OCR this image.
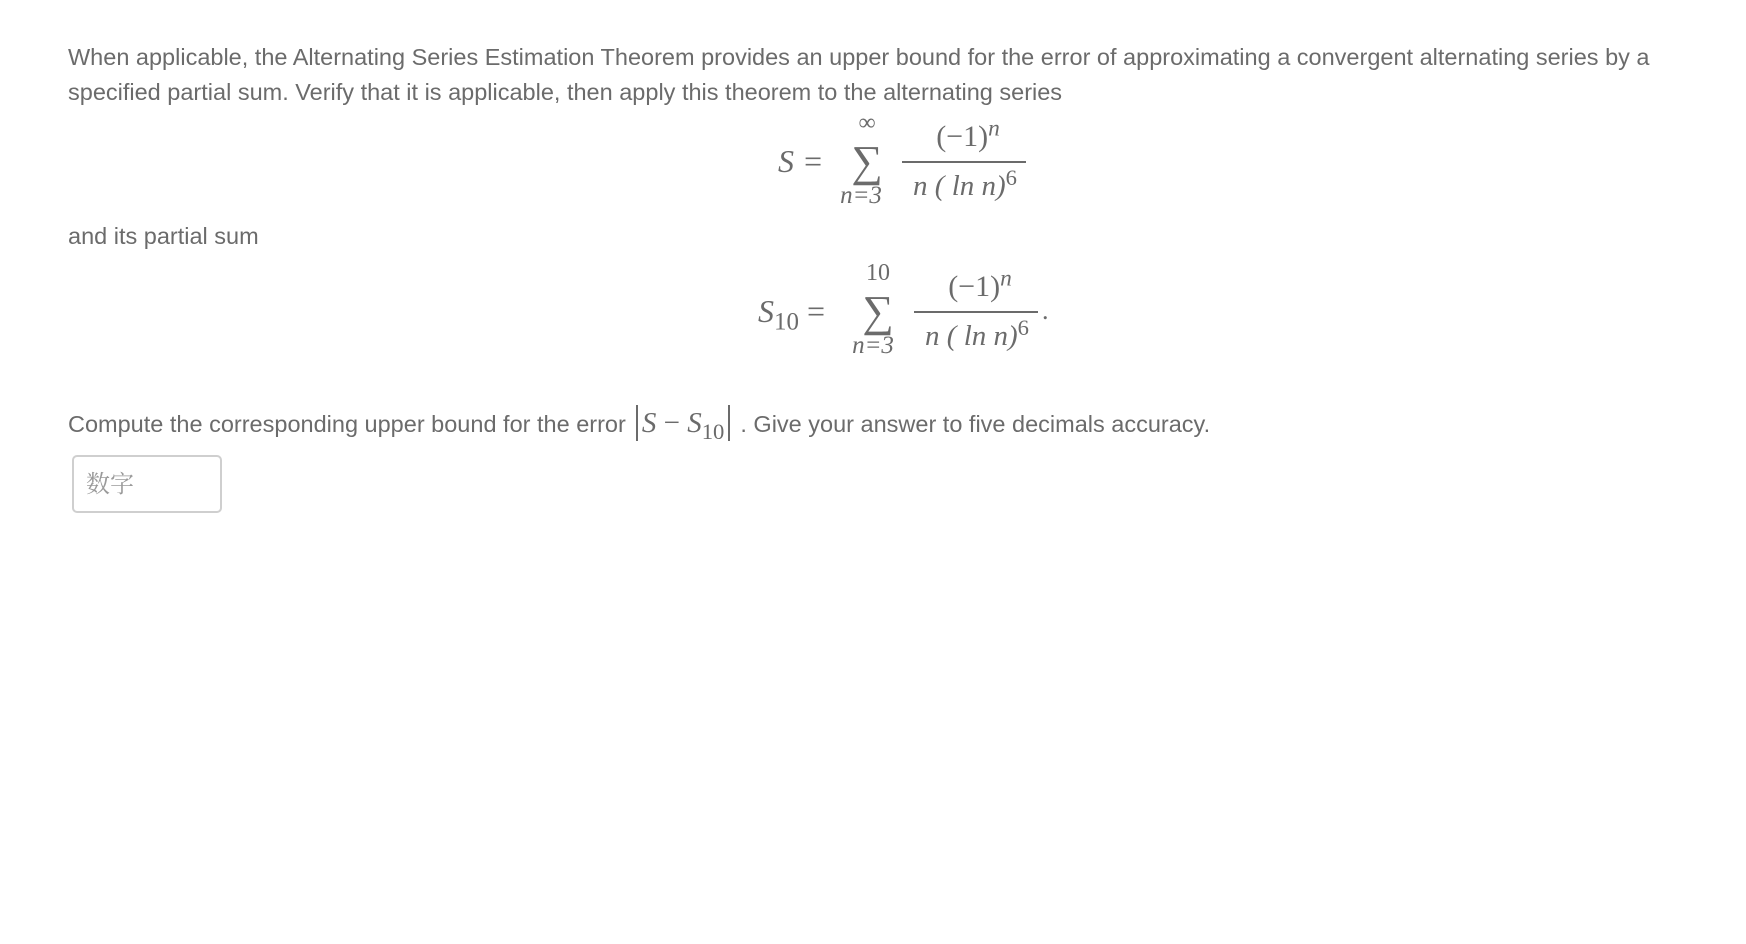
When applicable, the Alternating Series Estimation Theorem provides an upper bound for the error of approximating a convergent alternating series by a specified partial sum. Verify that it is applicable, then apply this theorem to the alternating series
S =
∞
∑
n=3
$(-1)^n$
n ( ln n)$^6$
and its partial sum
$S_{10}$ =
10
∑
n=3
$(-1)^n$
n ( ln n)$^6$
.
Compute the corresponding upper bound for the error $S - S_{10}$ . Give your answer to five decimals accuracy.
数字
